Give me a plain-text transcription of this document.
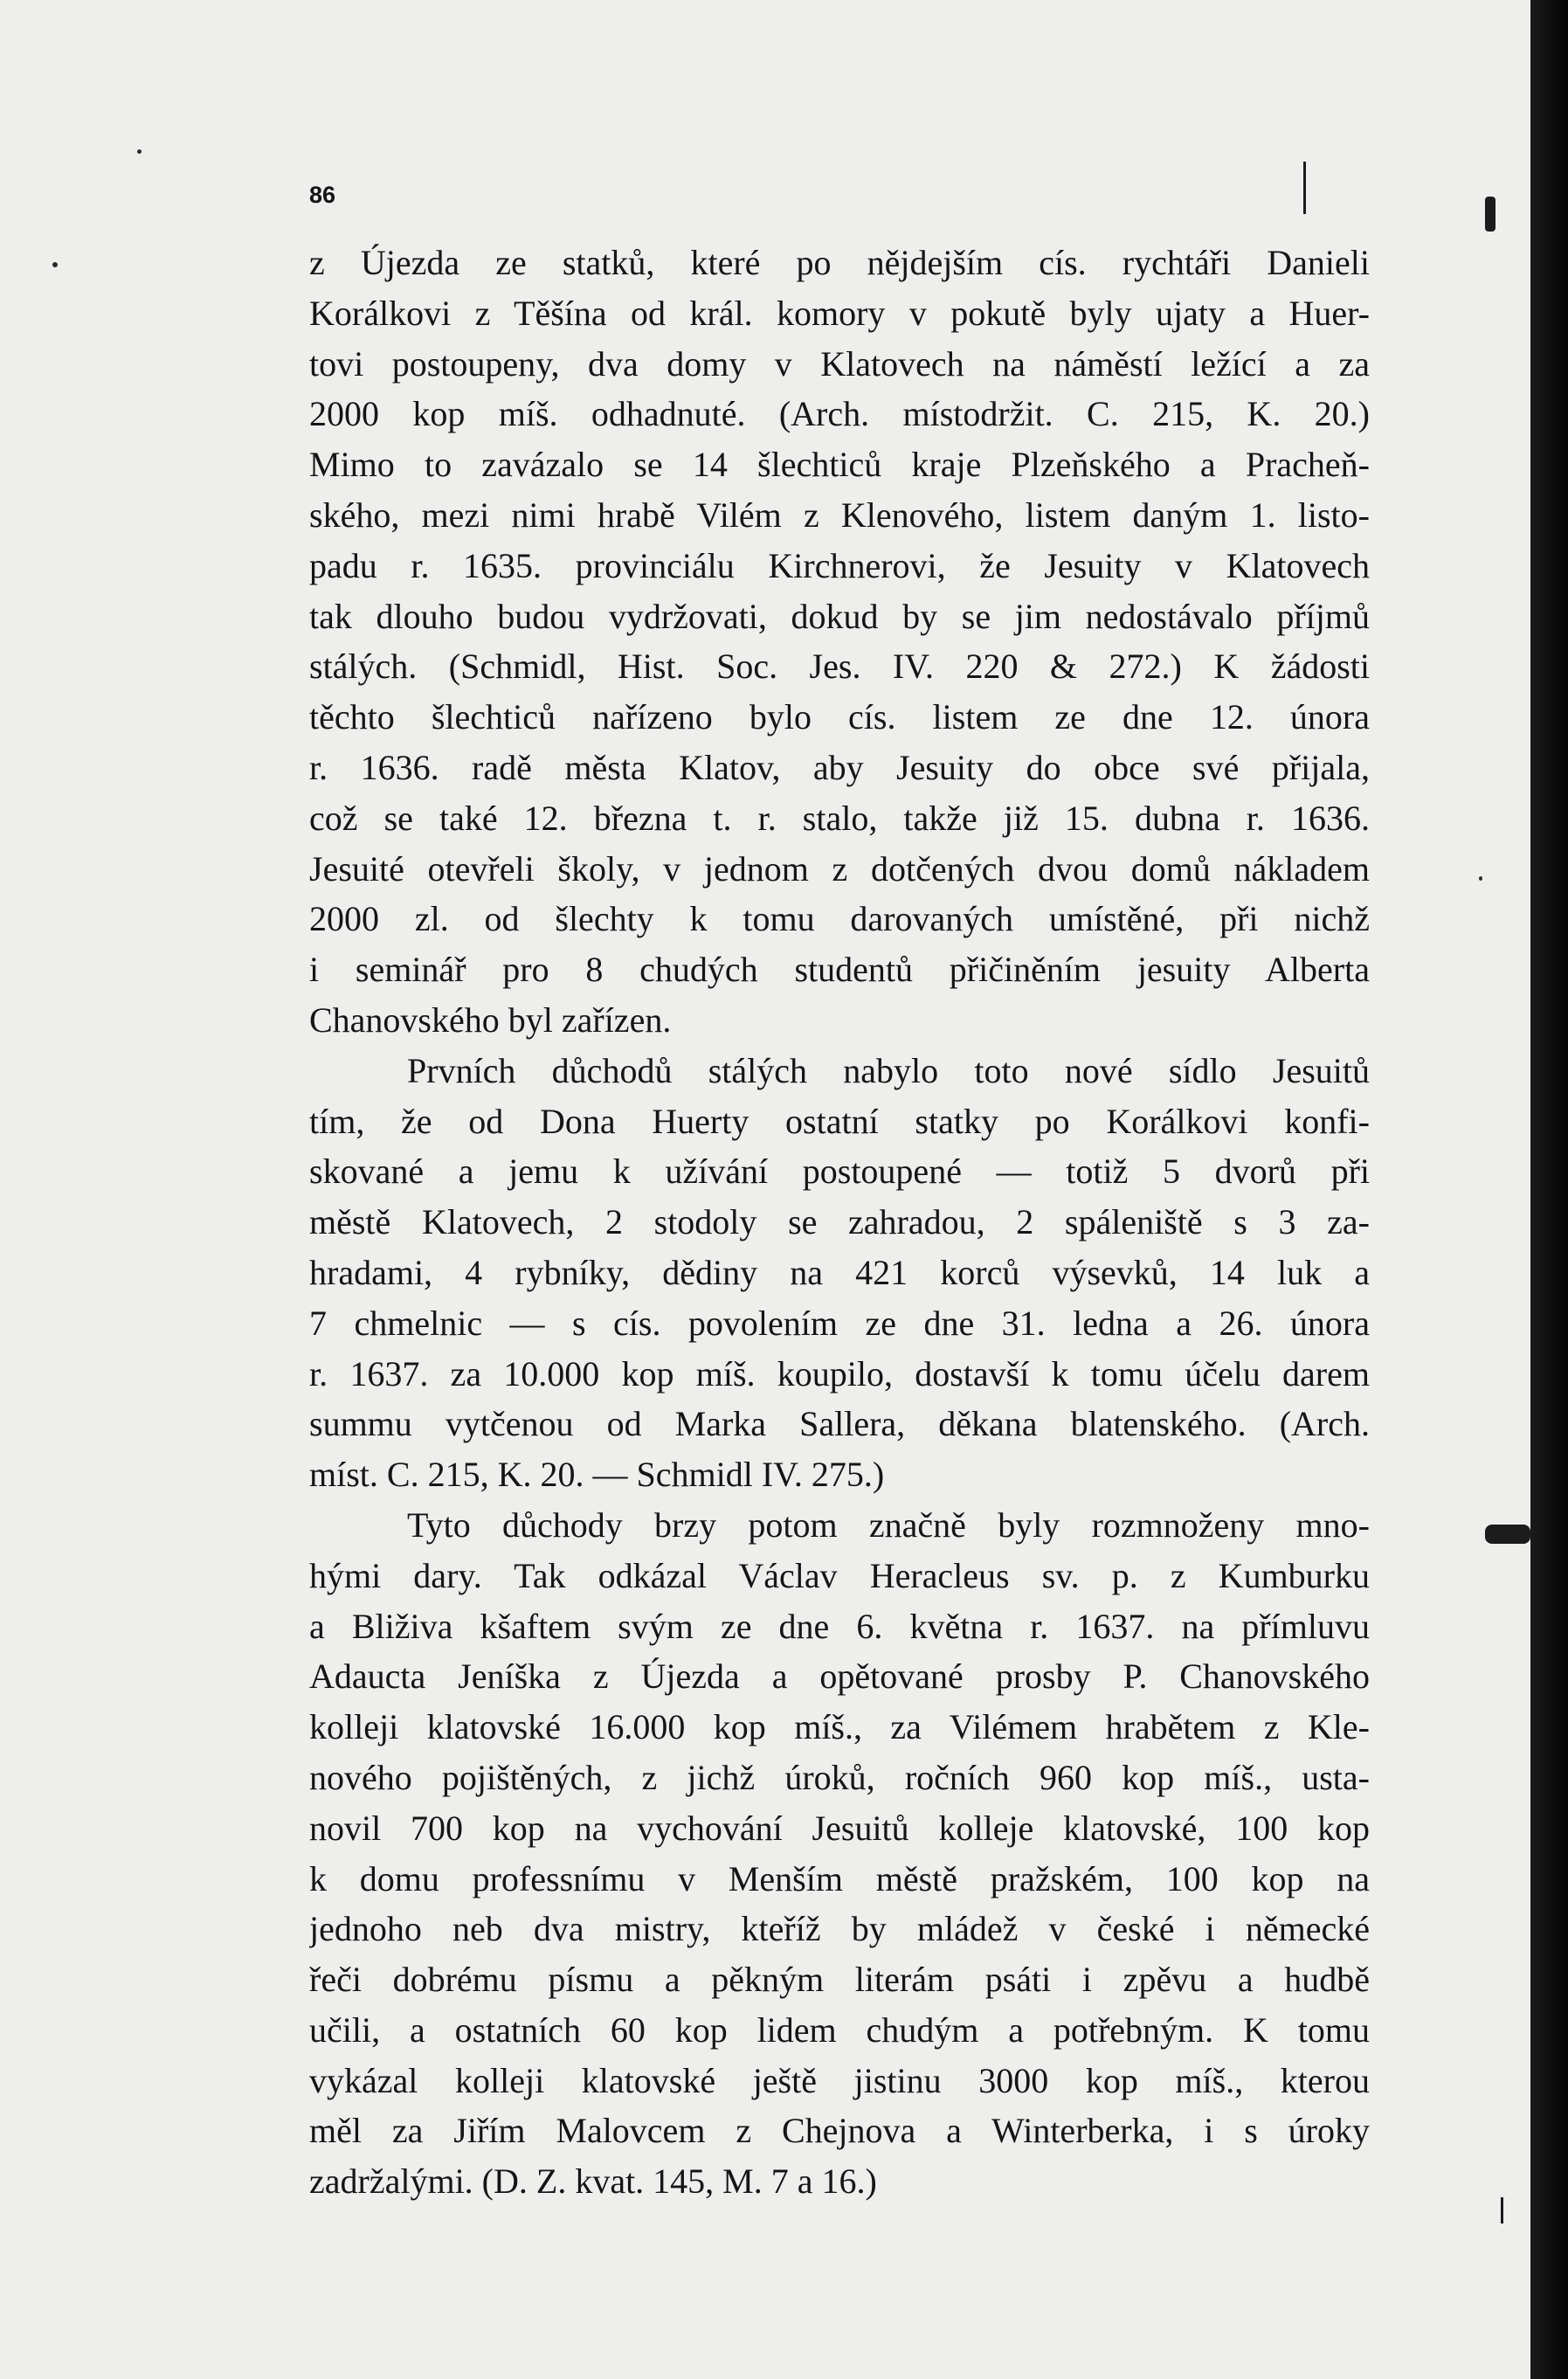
86
z Újezda ze statků, které po nějdejším cís. rychtáři Danieli
Korálkovi z Těšína od král. komory v pokutě byly ujaty a Huer-
tovi postoupeny, dva domy v Klatovech na náměstí ležící a za
2000 kop míš. odhadnuté. (Arch. místodržit. C. 215, K. 20.)
Mimo to zavázalo se 14 šlechticů kraje Plzeňského a Pracheň-
ského, mezi nimi hrabě Vilém z Klenového, listem daným 1. listo-
padu r. 1635. provinciálu Kirchnerovi, že Jesuity v Klatovech
tak dlouho budou vydržovati, dokud by se jim nedostávalo příjmů
stálých. (Schmidl, Hist. Soc. Jes. IV. 220 & 272.) K žádosti
těchto šlechticů nařízeno bylo cís. listem ze dne 12. února
r. 1636. radě města Klatov, aby Jesuity do obce své přijala,
což se také 12. března t. r. stalo, takže již 15. dubna r. 1636.
Jesuité otevřeli školy, v jednom z dotčených dvou domů nákladem
2000 zl. od šlechty k tomu darovaných umístěné, při nichž
i seminář pro 8 chudých studentů přičiněním jesuity Alberta
Chanovského byl zařízen.
Prvních důchodů stálých nabylo toto nové sídlo Jesuitů
tím, že od Dona Huerty ostatní statky po Korálkovi konfi-
skované a jemu k užívání postoupené — totiž 5 dvorů při
městě Klatovech, 2 stodoly se zahradou, 2 spáleniště s 3 za-
hradami, 4 rybníky, dědiny na 421 korců výsevků, 14 luk a
7 chmelnic — s cís. povolením ze dne 31. ledna a 26. února
r. 1637. za 10.000 kop míš. koupilo, dostavší k tomu účelu darem
summu vytčenou od Marka Sallera, děkana blatenského. (Arch.
míst. C. 215, K. 20. — Schmidl IV. 275.)
Tyto důchody brzy potom značně byly rozmnoženy mno-
hými dary. Tak odkázal Václav Heracleus sv. p. z Kumburku
a Bliživa kšaftem svým ze dne 6. května r. 1637. na přímluvu
Adaucta Jeníška z Újezda a opětované prosby P. Chanovského
kolleji klatovské 16.000 kop míš., za Vilémem hrabětem z Kle-
nového pojištěných, z jichž úroků, ročních 960 kop míš., usta-
novil 700 kop na vychování Jesuitů kolleje klatovské, 100 kop
k domu professnímu v Menším městě pražském, 100 kop na
jednoho neb dva mistry, kteříž by mládež v české i německé
řeči dobrému písmu a pěkným literám psáti i zpěvu a hudbě
učili, a ostatních 60 kop lidem chudým a potřebným. K tomu
vykázal kolleji klatovské ještě jistinu 3000 kop míš., kterou
měl za Jiřím Malovcem z Chejnova a Winterberka, i s úroky
zadržalými. (D. Z. kvat. 145, M. 7 a 16.)
